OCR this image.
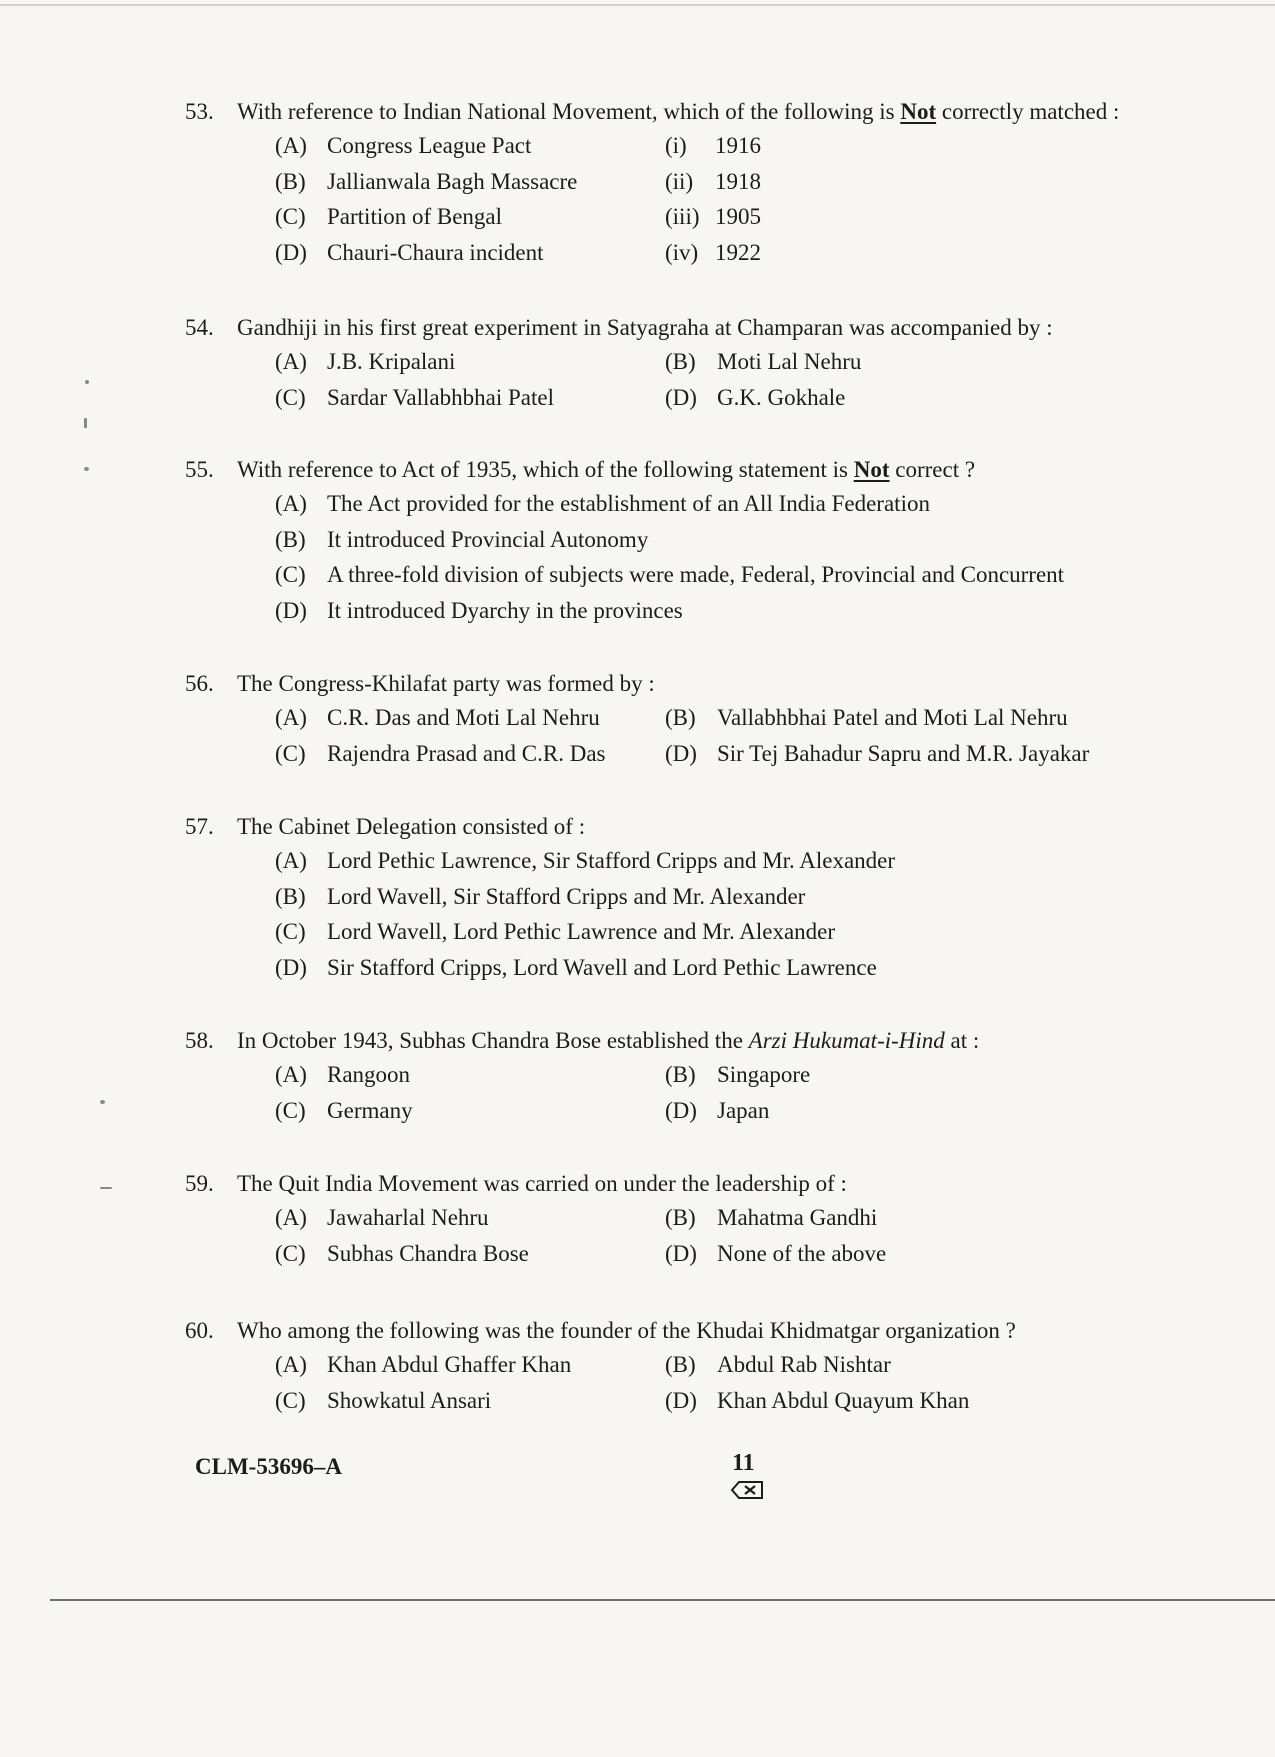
53.	With reference to Indian National Movement, which of the following is Not correctly matched :
(A) Congress League Pact	(i)	1916
(B) Jallianwala Bagh Massacre	(ii) 1918
(C) Partition of Bengal	(iii) 1905
(D) Chauri-Chaura incident	(iv) 1922
54.	Gandhiji in his first great experiment in Satyagraha at Champaran was accompanied by :
(A) J.B. Kripalani	(B) Moti Lal Nehru
(C) Sardar Vallabhbhai Patel	(D) G.K. Gokhale
55.	With reference to Act of 1935, which of the following statement is Not correct ?
(A) The Act provided for the establishment of an All India Federation
(B) It introduced Provincial Autonomy
(C) A three-fold division of subjects were made, Federal, Provincial and Concurrent
(D) It introduced Dyarchy in the provinces
56.	The Congress-Khilafat party was formed by :
(A) C.R. Das and Moti Lal Nehru	(B) Vallabhbhai Patel and Moti Lal Nehru
(C) Rajendra Prasad and C.R. Das	(D) Sir Tej Bahadur Sapru and M.R. Jayakar
57.	The Cabinet Delegation consisted of :
(A) Lord Pethic Lawrence, Sir Stafford Cripps and Mr. Alexander
(B) Lord Wavell, Sir Stafford Cripps and Mr. Alexander
(C) Lord Wavell, Lord Pethic Lawrence and Mr. Alexander
(D) Sir Stafford Cripps, Lord Wavell and Lord Pethic Lawrence
58.	In October 1943, Subhas Chandra Bose established the Arzi Hukumat-i-Hind at :
(A) Rangoon	(B) Singapore
(C) Germany	(D) Japan
59.	The Quit India Movement was carried on under the leadership of :
(A) Jawaharlal Nehru	(B) Mahatma Gandhi
(C) Subhas Chandra Bose	(D) None of the above
60.	Who among the following was the founder of the Khudai Khidmatgar organization ?
(A) Khan Abdul Ghaffer Khan	(B) Abdul Rab Nishtar
(C) Showkatul Ansari	(D) Khan Abdul Quayum Khan
CLM-53696–A	11
